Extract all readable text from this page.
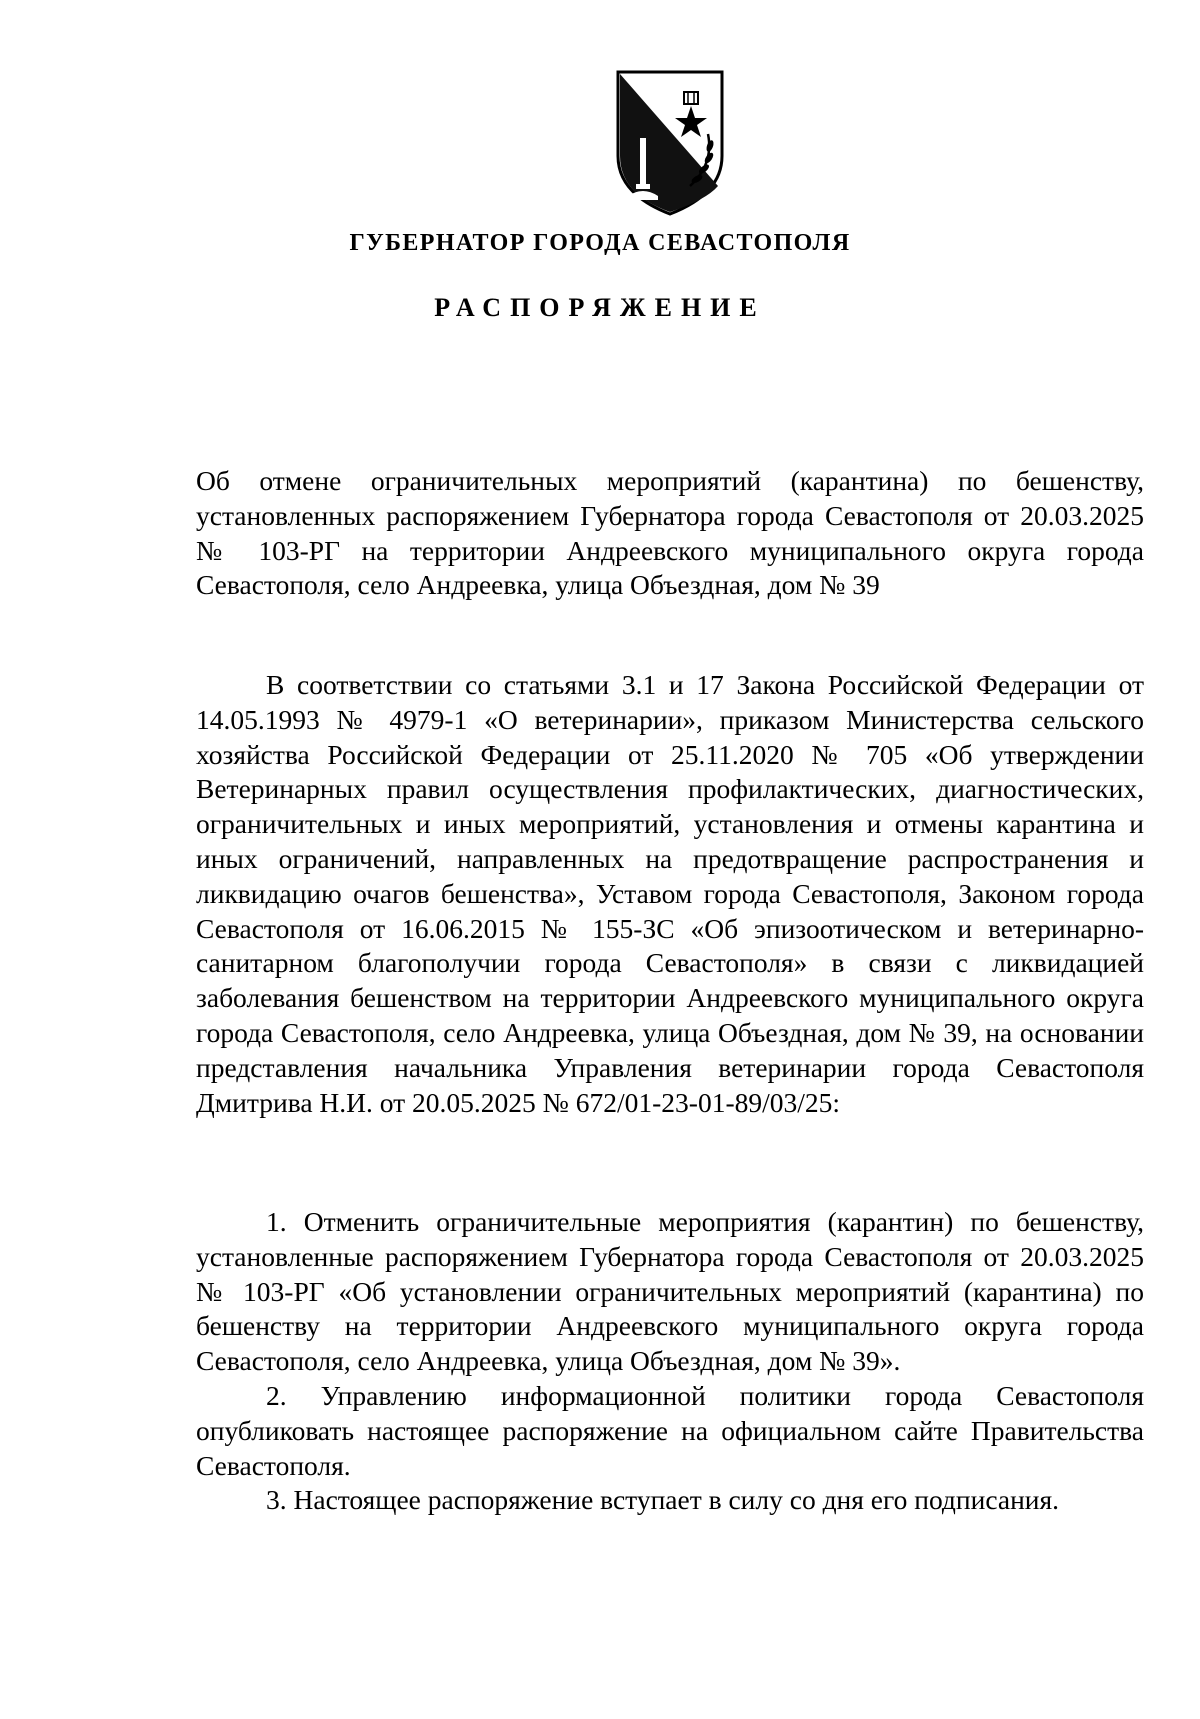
ГУБЕРНАТОР ГОРОДА СЕВАСТОПОЛЯ
РАСПОРЯЖЕНИЕ
Об отмене ограничительных мероприятий (карантина) по бешенству, установленных распоряжением Губернатора города Севастополя от 20.03.2025 № 103-РГ на территории Андреевского муниципального округа города Севастополя, село Андреевка, улица Объездная, дом № 39
В соответствии со статьями 3.1 и 17 Закона Российской Федерации от 14.05.1993 № 4979-1 «О ветеринарии», приказом Министерства сельского хозяйства Российской Федерации от 25.11.2020 № 705 «Об утверждении Ветеринарных правил осуществления профилактических, диагностических, ограничительных и иных мероприятий, установления и отмены карантина и иных ограничений, направленных на предотвращение распространения и ликвидацию очагов бешенства», Уставом города Севастополя, Законом города Севастополя от 16.06.2015 № 155-ЗС «Об эпизоотическом и ветеринарно-санитарном благополучии города Севастополя» в связи с ликвидацией заболевания бешенством на территории Андреевского муниципального округа города Севастополя, село Андреевка, улица Объездная, дом № 39, на основании представления начальника Управления ветеринарии города Севастополя Дмитрива Н.И. от 20.05.2025 № 672/01-23-01-89/03/25:

1. Отменить ограничительные мероприятия (карантин) по бешенству, установленные распоряжением Губернатора города Севастополя от 20.03.2025 № 103-РГ «Об установлении ограничительных мероприятий (карантина) по бешенству на территории Андреевского муниципального округа города Севастополя, село Андреевка, улица Объездная, дом № 39».

2. Управлению информационной политики города Севастополя опубликовать настоящее распоряжение на официальном сайте Правительства Севастополя.

3. Настоящее распоряжение вступает в силу со дня его подписания.
